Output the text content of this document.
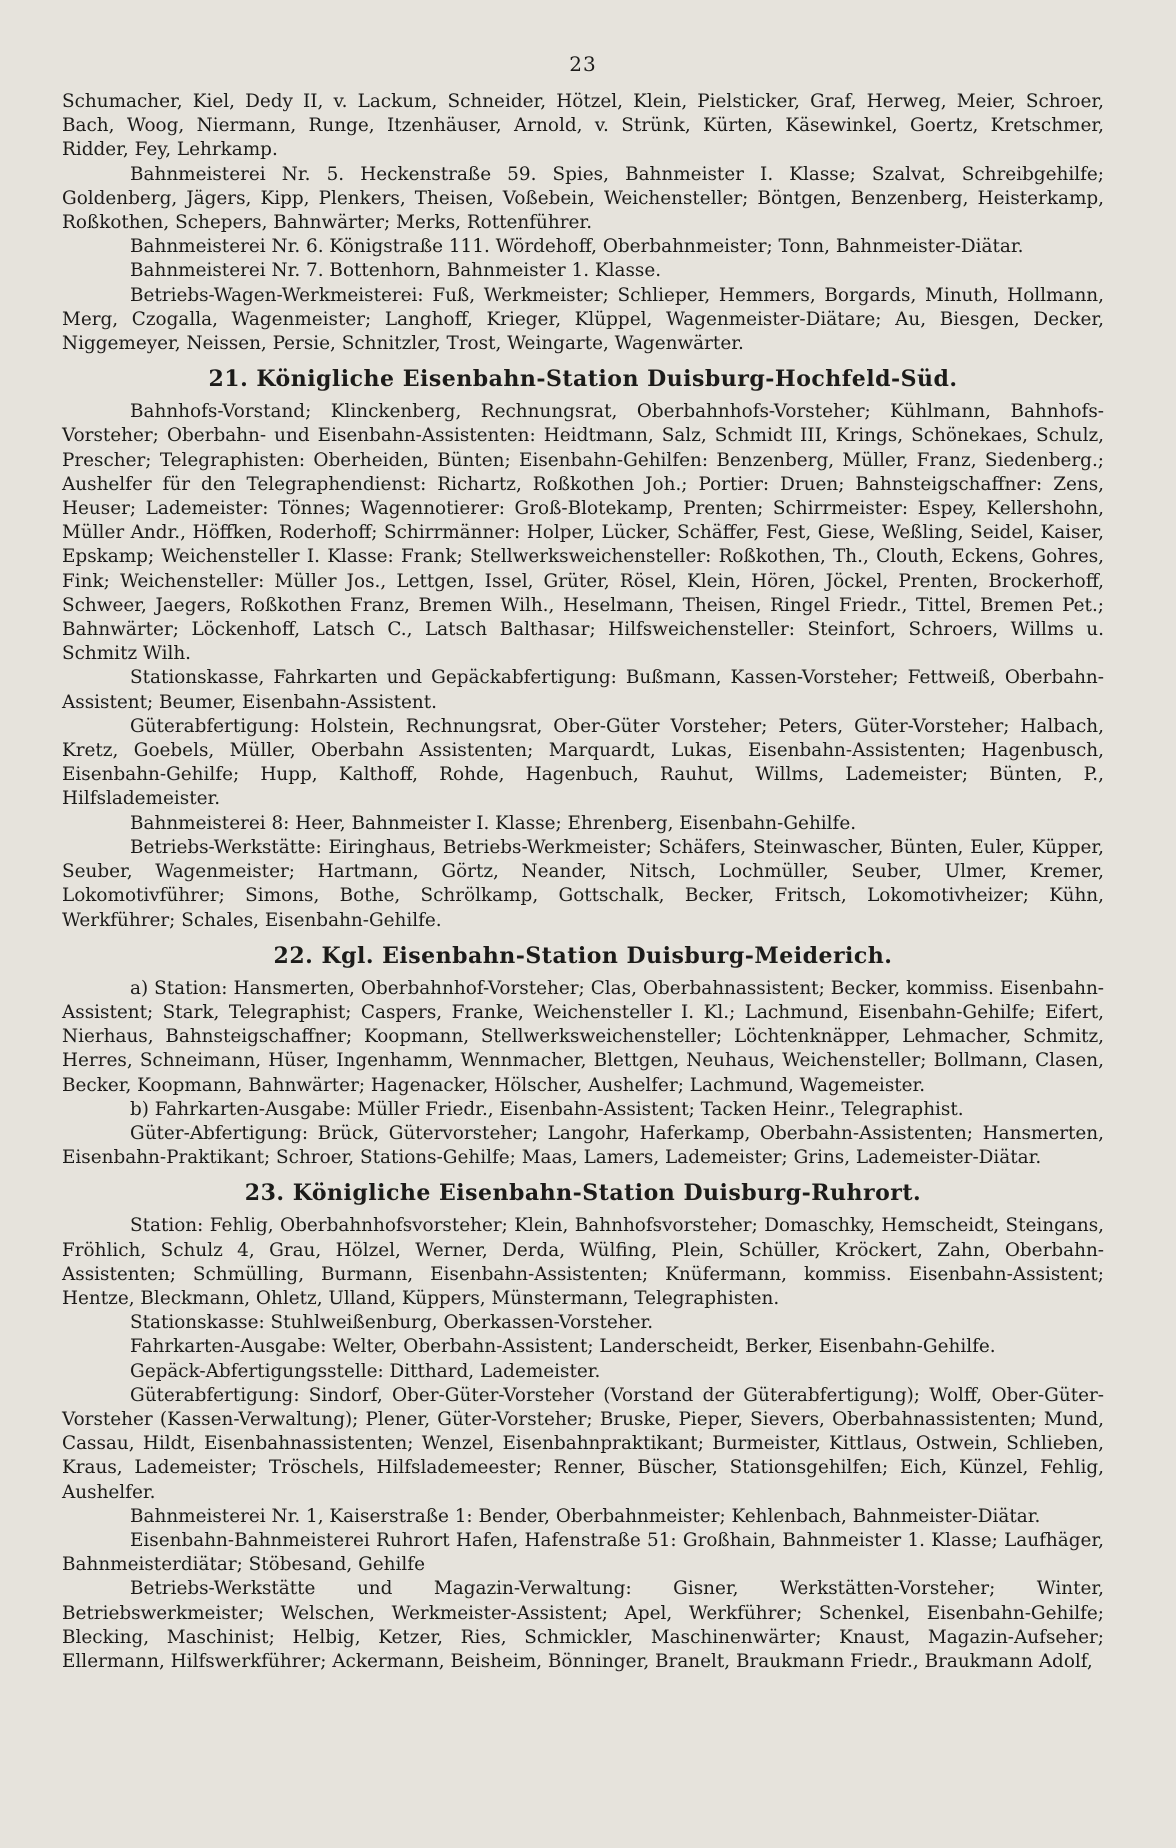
23

Schumacher, Kiel, Dedy II, v. Lackum, Schneider, Hötzel, Klein, Pielsticker, Graf, Herweg, Meier, Schroer, Bach, Woog, Niermann, Runge, Itzenhäuser, Arnold, v. Strünk, Kürten, Käsewinkel, Goertz, Kretschmer, Ridder, Fey, Lehrkamp.

Bahnmeisterei Nr. 5. Heckenstraße 59. Spies, Bahnmeister I. Klasse; Szalvat, Schreibgehilfe; Goldenberg, Jägers, Kipp, Plenkers, Theisen, Voßebein, Weichensteller; Böntgen, Benzenberg, Heisterkamp, Roßkothen, Schepers, Bahnwärter; Merks, Rottenführer.

Bahnmeisterei Nr. 6. Königstraße 111. Wördehoff, Oberbahnmeister; Tonn, Bahnmeister-Diätar.

Bahnmeisterei Nr. 7. Bottenhorn, Bahnmeister 1. Klasse.

Betriebs-Wagen-Werkmeisterei: Fuß, Werkmeister; Schlieper, Hemmers, Borgards, Minuth, Hollmann, Merg, Czogalla, Wagenmeister; Langhoff, Krieger, Klüppel, Wagenmeister-Diätare; Au, Biesgen, Decker, Niggemeyer, Neissen, Persie, Schnitzler, Trost, Weingarte, Wagenwärter.

21. Königliche Eisenbahn-Station Duisburg-Hochfeld-Süd.

Bahnhofs-Vorstand; Klinckenberg, Rechnungsrat, Oberbahnhofs-Vorsteher; Kühlmann, Bahnhofs-Vorsteher; Oberbahn- und Eisenbahn-Assistenten: Heidtmann, Salz, Schmidt III, Krings, Schönekaes, Schulz, Prescher; Telegraphisten: Oberheiden, Bünten; Eisenbahn-Gehilfen: Benzenberg, Müller, Franz, Siedenberg.; Aushelfer für den Telegraphendienst: Richartz, Roßkothen Joh.; Portier: Druen; Bahnsteigschaffner: Zens, Heuser; Lademeister: Tönnes; Wagennotierer: Groß-Blotekamp, Prenten; Schirrmeister: Espey, Kellershohn, Müller Andr., Höffken, Roderhoff; Schirrmänner: Holper, Lücker, Schäffer, Fest, Giese, Weßling, Seidel, Kaiser, Epskamp; Weichensteller I. Klasse: Frank; Stellwerksweichensteller: Roßkothen, Th., Clouth, Eckens, Gohres, Fink; Weichensteller: Müller Jos., Lettgen, Issel, Grüter, Rösel, Klein, Hören, Jöckel, Prenten, Brockerhoff, Schweer, Jaegers, Roßkothen Franz, Bremen Wilh., Heselmann, Theisen, Ringel Friedr., Tittel, Bremen Pet.; Bahnwärter; Löckenhoff, Latsch C., Latsch Balthasar; Hilfsweichensteller: Steinfort, Schroers, Willms u. Schmitz Wilh.

Stationskasse, Fahrkarten und Gepäckabfertigung: Bußmann, Kassen-Vorsteher; Fettweiß, Oberbahn-Assistent; Beumer, Eisenbahn-Assistent.

Güterabfertigung: Holstein, Rechnungsrat, Ober-Güter Vorsteher; Peters, Güter-Vorsteher; Halbach, Kretz, Goebels, Müller, Oberbahn Assistenten; Marquardt, Lukas, Eisenbahn-Assistenten; Hagenbusch, Eisenbahn-Gehilfe; Hupp, Kalthoff, Rohde, Hagenbuch, Rauhut, Willms, Lademeister; Bünten, P., Hilfslademeister.

Bahnmeisterei 8: Heer, Bahnmeister I. Klasse; Ehrenberg, Eisenbahn-Gehilfe.

Betriebs-Werkstätte: Eiringhaus, Betriebs-Werkmeister; Schäfers, Steinwascher, Bünten, Euler, Küpper, Seuber, Wagenmeister; Hartmann, Görtz, Neander, Nitsch, Lochmüller, Seuber, Ulmer, Kremer, Lokomotivführer; Simons, Bothe, Schrölkamp, Gottschalk, Becker, Fritsch, Lokomotivheizer; Kühn, Werkführer; Schales, Eisenbahn-Gehilfe.

22. Kgl. Eisenbahn-Station Duisburg-Meiderich.

a) Station: Hansmerten, Oberbahnhof-Vorsteher; Clas, Oberbahnassistent; Becker, kommiss. Eisenbahn-Assistent; Stark, Telegraphist; Caspers, Franke, Weichensteller I. Kl.; Lachmund, Eisenbahn-Gehilfe; Eifert, Nierhaus, Bahnsteigschaffner; Koopmann, Stellwerksweichensteller; Löchtenknäpper, Lehmacher, Schmitz, Herres, Schneimann, Hüser, Ingenhamm, Wennmacher, Blettgen, Neuhaus, Weichensteller; Bollmann, Clasen, Becker, Koopmann, Bahnwärter; Hagenacker, Hölscher, Aushelfer; Lachmund, Wagemeister.

b) Fahrkarten-Ausgabe: Müller Friedr., Eisenbahn-Assistent; Tacken Heinr., Telegraphist.

Güter-Abfertigung: Brück, Gütervorsteher; Langohr, Haferkamp, Oberbahn-Assistenten; Hansmerten, Eisenbahn-Praktikant; Schroer, Stations-Gehilfe; Maas, Lamers, Lademeister; Grins, Lademeister-Diätar.

23. Königliche Eisenbahn-Station Duisburg-Ruhrort.

Station: Fehlig, Oberbahnhofsvorsteher; Klein, Bahnhofsvorsteher; Domaschky, Hemscheidt, Steingans, Fröhlich, Schulz 4, Grau, Hölzel, Werner, Derda, Wülfing, Plein, Schüller, Kröckert, Zahn, Oberbahn-Assistenten; Schmülling, Burmann, Eisenbahn-Assistenten; Knüfermann, kommiss. Eisenbahn-Assistent; Hentze, Bleckmann, Ohletz, Ulland, Küppers, Münstermann, Telegraphisten.

Stationskasse: Stuhlweißenburg, Oberkassen-Vorsteher.

Fahrkarten-Ausgabe: Welter, Oberbahn-Assistent; Landerscheidt, Berker, Eisenbahn-Gehilfe.

Gepäck-Abfertigungsstelle: Ditthard, Lademeister.

Güterabfertigung: Sindorf, Ober-Güter-Vorsteher (Vorstand der Güterabfertigung); Wolff, Ober-Güter-Vorsteher (Kassen-Verwaltung); Plener, Güter-Vorsteher; Bruske, Pieper, Sievers, Oberbahnassistenten; Mund, Cassau, Hildt, Eisenbahnassistenten; Wenzel, Eisenbahnpraktikant; Burmeister, Kittlaus, Ostwein, Schlieben, Kraus, Lademeister; Tröschels, Hilfslademeester; Renner, Büscher, Stationsgehilfen; Eich, Künzel, Fehlig, Aushelfer.

Bahnmeisterei Nr. 1, Kaiserstraße 1: Bender, Oberbahnmeister; Kehlenbach, Bahnmeister-Diätar.

Eisenbahn-Bahnmeisterei Ruhrort Hafen, Hafenstraße 51: Großhain, Bahnmeister 1. Klasse; Laufhäger, Bahnmeisterdiätar; Stöbesand, Gehilfe

Betriebs-Werkstätte und Magazin-Verwaltung: Gisner, Werkstätten-Vorsteher; Winter, Betriebswerkmeister; Welschen, Werkmeister-Assistent; Apel, Werkführer; Schenkel, Eisenbahn-Gehilfe; Blecking, Maschinist; Helbig, Ketzer, Ries, Schmickler, Maschinenwärter; Knaust, Magazin-Aufseher; Ellermann, Hilfswerkführer; Ackermann, Beisheim, Bönninger, Branelt, Braukmann Friedr., Braukmann Adolf,
